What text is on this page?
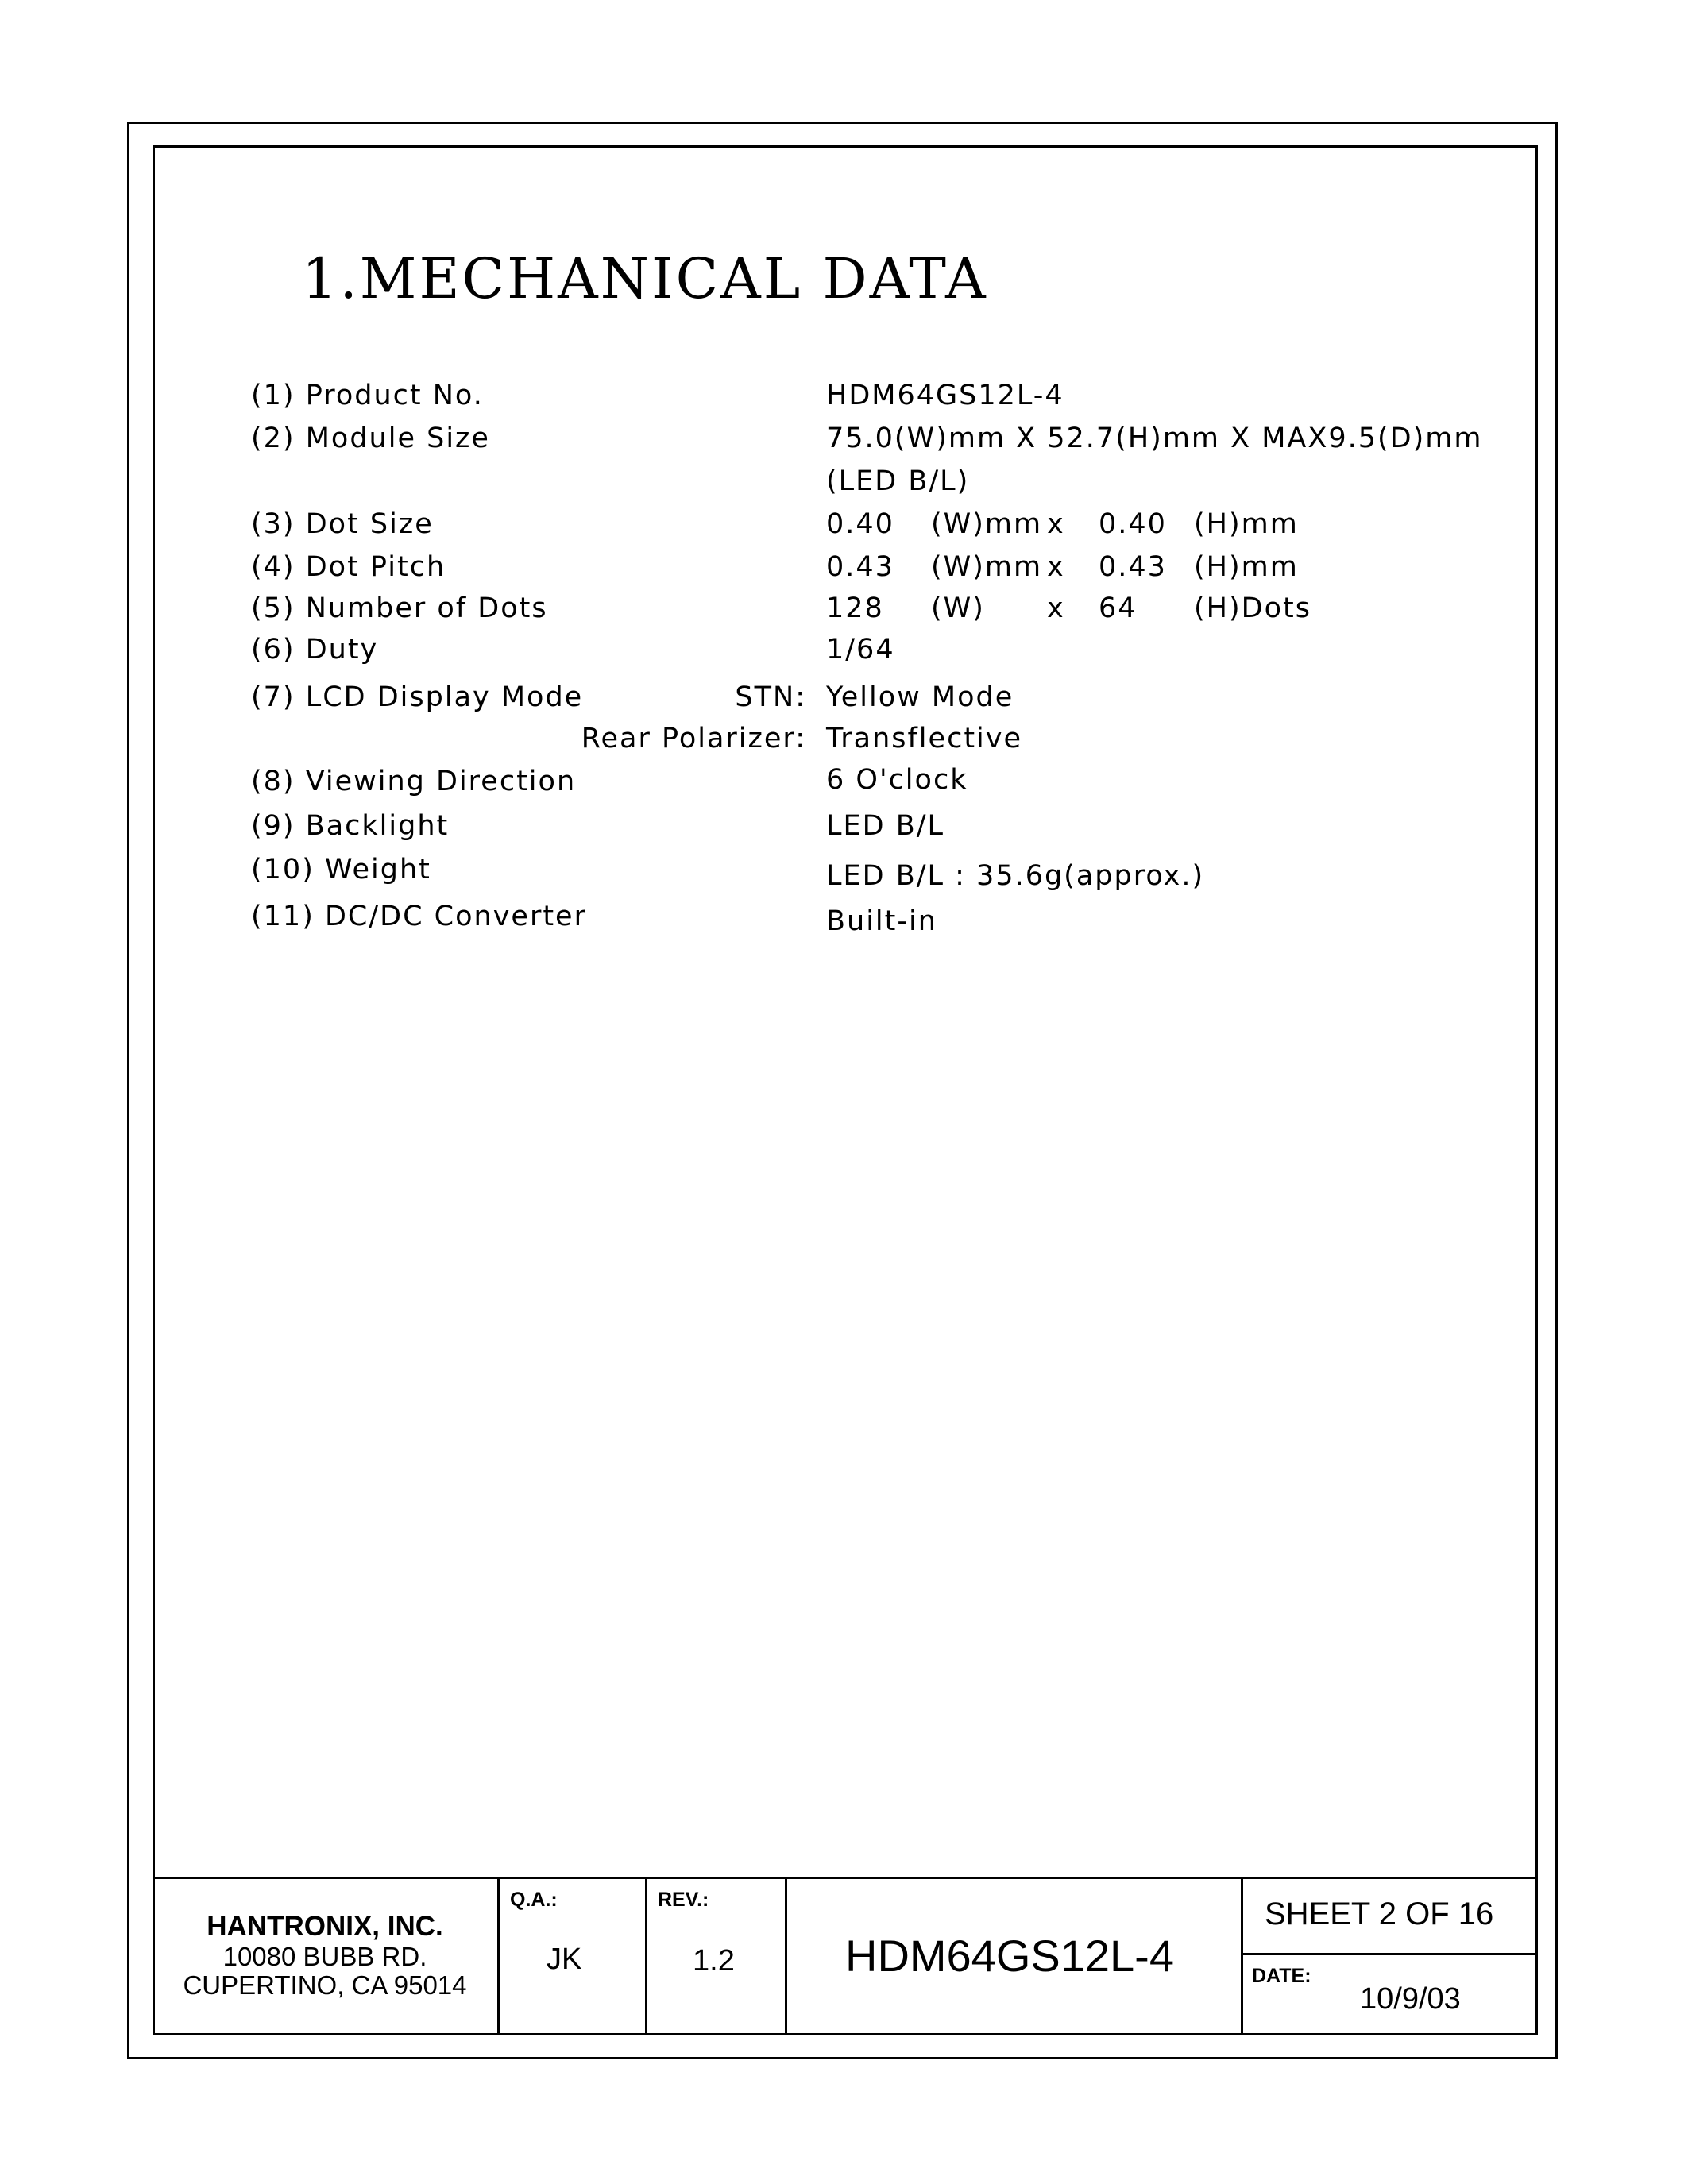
1.MECHANICAL DATA
(1) Product No.	HDM64GS12L-4
(2) Module Size	75.0(W)mm X 52.7(H)mm X MAX9.5(D)mm
(LED B/L)
(3) Dot Size	0.40 (W)mm x 0.40 (H)mm
(4) Dot Pitch	0.43 (W)mm x 0.43 (H)mm
(5) Number of Dots	128 (W) x 64 (H)Dots
(6) Duty	1/64
(7) LCD Display Mode	STN: Yellow Mode
Rear Polarizer: Transflective
(8) Viewing Direction	6 O'clock
(9) Backlight	LED B/L
(10) Weight	LED B/L : 35.6g(approx.)
(11) DC/DC Converter	Built-in
HANTRONIX, INC.
10080 BUBB RD.
CUPERTINO, CA 95014
Q.A.:
JK
REV.:
1.2 HDM64GS12L-4
SHEET 2 OF 16
DATE:
10/9/03
